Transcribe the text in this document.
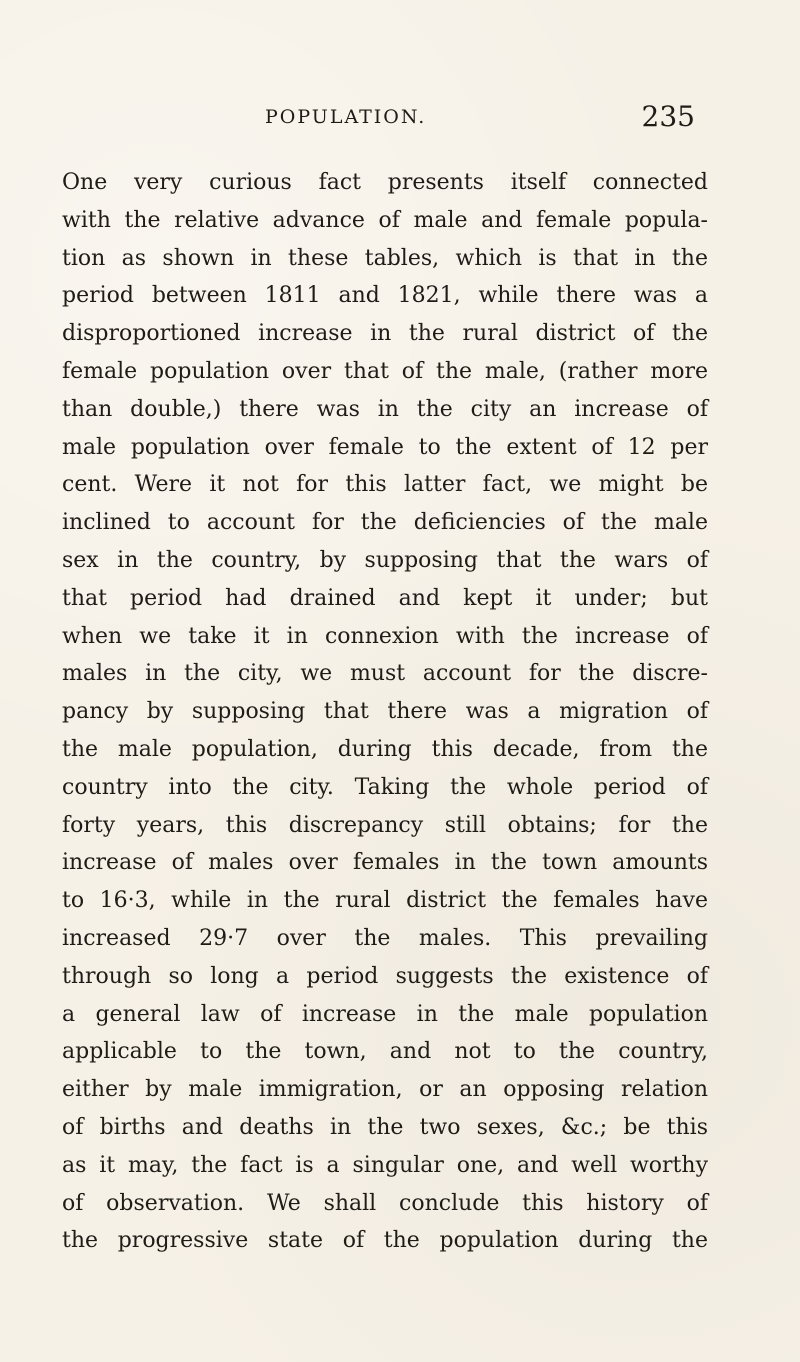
POPULATION.	235
One very curious fact presents itself connected
with the relative advance of male and female popula-
tion as shown in these tables, which is that in the
period between 1811 and 1821, while there was a
disproportioned increase in the rural district of the
female population over that of the male, (rather more
than double,) there was in the city an increase of
male population over female to the extent of 12 per
cent. Were it not for this latter fact, we might be
inclined to account for the deficiencies of the male
sex in the country, by supposing that the wars of
that period had drained and kept it under; but
when we take it in connexion with the increase of
males in the city, we must account for the discre-
pancy by supposing that there was a migration of
the male population, during this decade, from the
country into the city. Taking the whole period of
forty years, this discrepancy still obtains; for the
increase of males over females in the town amounts
to 16·3, while in the rural district the females have
increased 29·7 over the males. This prevailing
through so long a period suggests the existence of
a general law of increase in the male population
applicable to the town, and not to the country,
either by male immigration, or an opposing relation
of births and deaths in the two sexes, &c.; be this
as it may, the fact is a singular one, and well worthy
of observation. We shall conclude this history of
the progressive state of the population during the
